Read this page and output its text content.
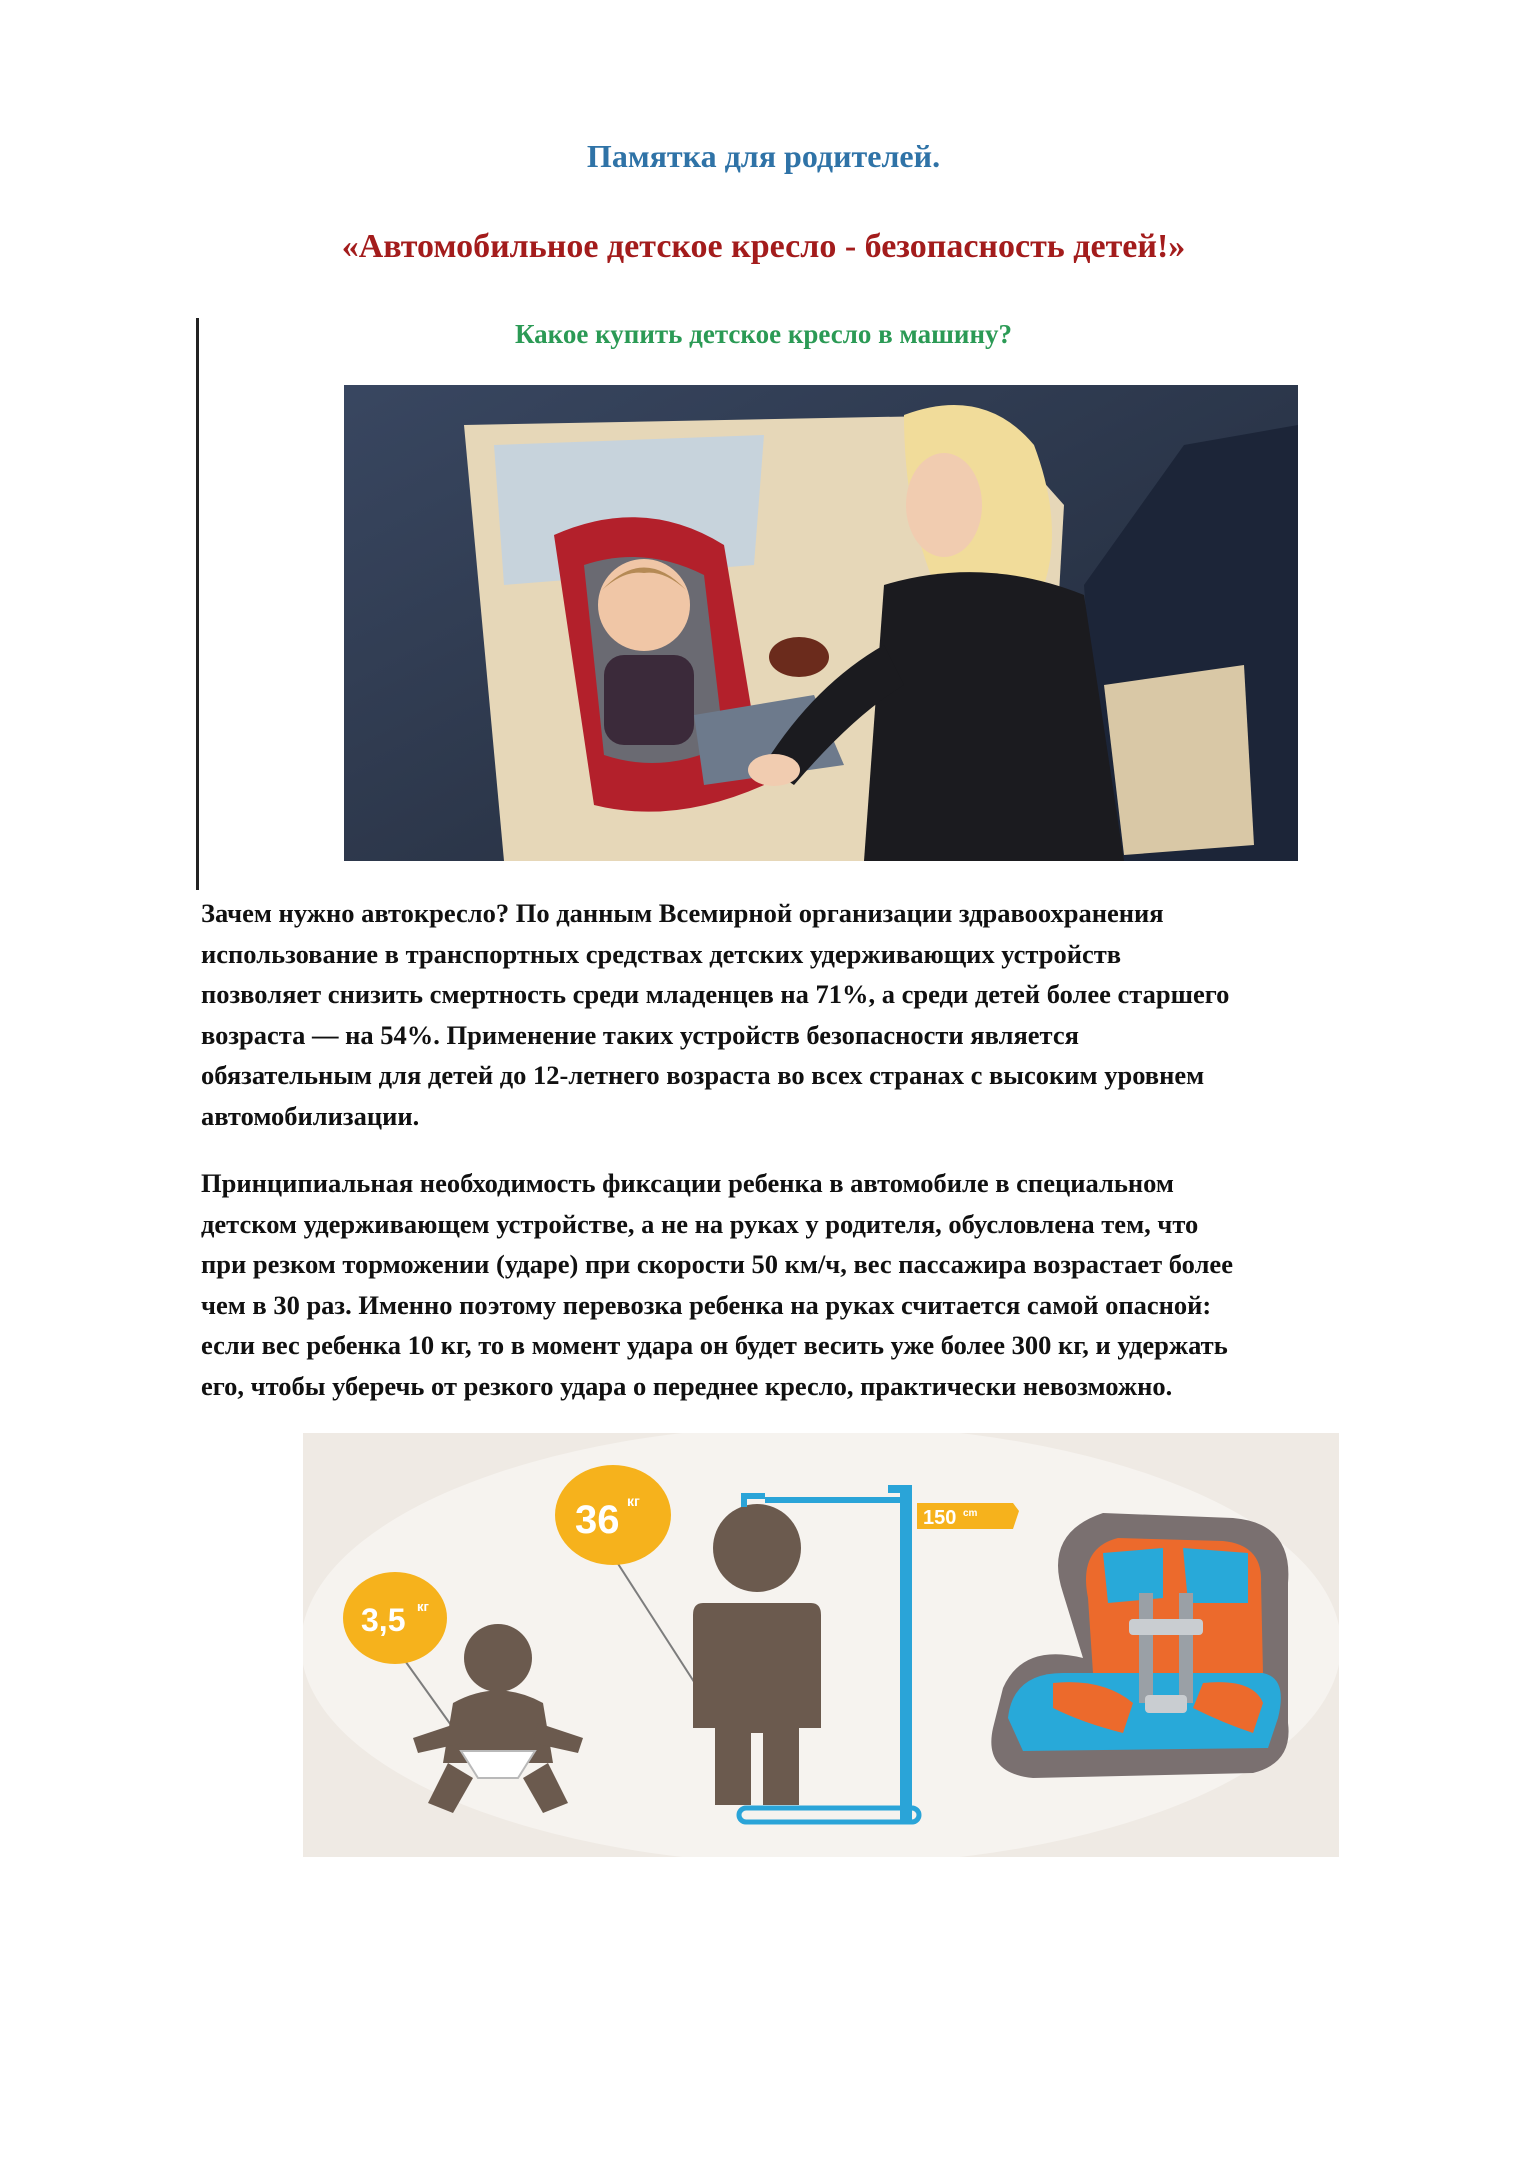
Памятка для родителей.
«Автомобильное детское кресло - безопасность детей!»
Какое купить детское кресло в машину?

Зачем нужно автокресло? По данным Всемирной организации здравоохранения
использование в транспортных средствах детских удерживающих устройств
позволяет снизить смертность среди младенцев на 71%, а среди детей более старшего
возраста — на 54%. Применение таких устройств безопасности является
обязательным для детей до 12-летнего возраста во всех странах с высоким уровнем
автомобилизации.

Принципиальная необходимость фиксации ребенка в автомобиле в специальном
детском удерживающем устройстве, а не на руках у родителя, обусловлена тем, что
при резком торможении (ударе) при скорости 50 км/ч, вес пассажира возрастает более
чем в 30 раз. Именно поэтому перевозка ребенка на руках считается самой опасной:
если вес ребенка 10 кг, то в момент удара он будет весить уже более 300 кг, и удержать
его, чтобы уберечь от резкого удара о переднее кресло, практически невозможно.

3,5 кг
36 кг
150 cm
